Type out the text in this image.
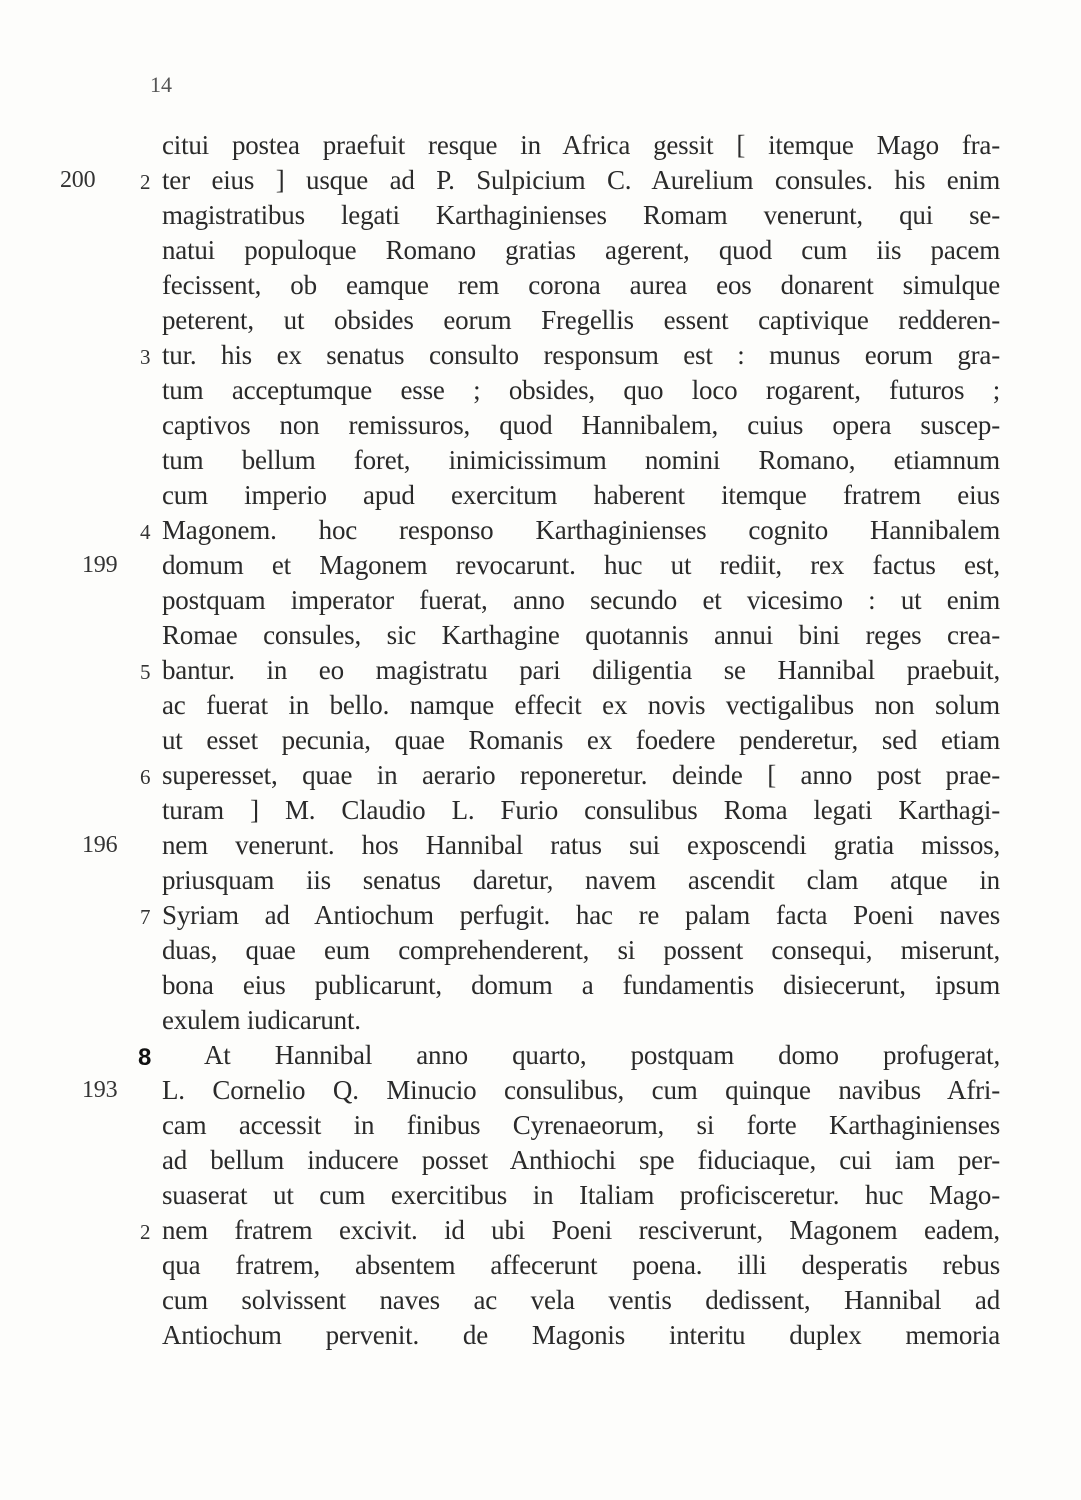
14
citui postea praefuit resque in Africa gessit [ itemque Mago fra-
200 2 ter eius ] usque ad P. Sulpicium C. Aurelium consules. his enim
magistratibus legati Karthaginienses Romam venerunt, qui se-
natui populoque Romano gratias agerent, quod cum iis pacem
fecissent, ob eamque rem corona aurea eos donarent simulque
peterent, ut obsides eorum Fregellis essent captivique redderen-
3 tur. his ex senatus consulto responsum est : munus eorum gra-
tum acceptumque esse ; obsides, quo loco rogarent, futuros ;
captivos non remissuros, quod Hannibalem, cuius opera suscep-
tum bellum foret, inimicissimum nomini Romano, etiamnum
cum imperio apud exercitum haberent itemque fratrem eius
4 Magonem. hoc responso Karthaginienses cognito Hannibalem
199 domum et Magonem revocarunt. huc ut rediit, rex factus est,
postquam imperator fuerat, anno secundo et vicesimo : ut enim
Romae consules, sic Karthagine quotannis annui bini reges crea-
5 bantur. in eo magistratu pari diligentia se Hannibal praebuit,
ac fuerat in bello. namque effecit ex novis vectigalibus non solum
ut esset pecunia, quae Romanis ex foedere penderetur, sed etiam
6 superesset, quae in aerario reponeretur. deinde [ anno post prae-
turam ] M. Claudio L. Furio consulibus Roma legati Karthagi-
196 nem venerunt. hos Hannibal ratus sui exposcendi gratia missos,
priusquam iis senatus daretur, navem ascendit clam atque in
7 Syriam ad Antiochum perfugit. hac re palam facta Poeni naves
duas, quae eum comprehenderent, si possent consequi, miserunt,
bona eius publicarunt, domum a fundamentis disiecerunt, ipsum
exulem iudicarunt.
8	At Hannibal anno quarto, postquam domo profugerat,
193 L. Cornelio Q. Minucio consulibus, cum quinque navibus Afri-
cam accessit in finibus Cyrenaeorum, si forte Karthaginienses
ad bellum inducere posset Anthiochi spe fiduciaque, cui iam per-
suaserat ut cum exercitibus in Italiam proficisceretur. huc Mago-
2 nem fratrem excivit. id ubi Poeni resciverunt, Magonem eadem,
qua fratrem, absentem affecerunt poena. illi desperatis rebus
cum solvissent naves ac vela ventis dedissent, Hannibal ad
Antiochum pervenit. de Magonis interitu duplex memoria
